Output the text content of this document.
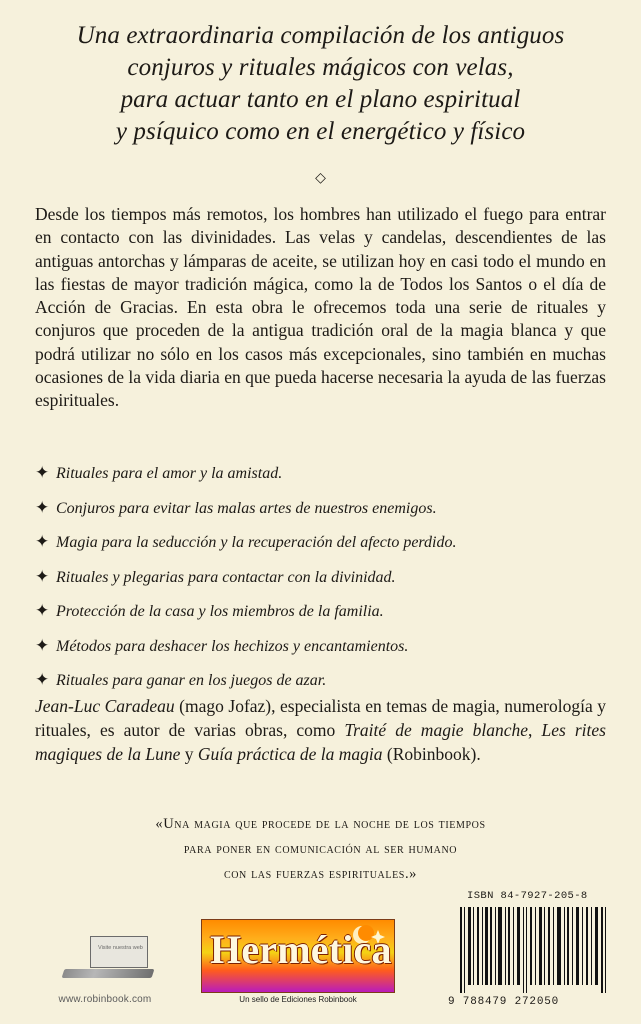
Una extraordinaria compilación de los antiguos
conjuros y rituales mágicos con velas,
para actuar tanto en el plano espiritual
y psíquico como en el energético y físico
◇
Desde los tiempos más remotos, los hombres han utilizado el fuego para entrar en contacto con las divinidades. Las velas y candelas, descendientes de las antiguas antorchas y lámparas de aceite, se utilizan hoy en casi todo el mundo en las fiestas de mayor tradición mágica, como la de Todos los Santos o el día de Acción de Gracias. En esta obra le ofrecemos toda una serie de rituales y conjuros que proceden de la antigua tradición oral de la magia blanca y que podrá utilizar no sólo en los casos más excepcionales, sino también en muchas ocasiones de la vida diaria en que pueda hacerse necesaria la ayuda de las fuerzas espirituales.
✦ Rituales para el amor y la amistad.
✦ Conjuros para evitar las malas artes de nuestros enemigos.
✦ Magia para la seducción y la recuperación del afecto perdido.
✦ Rituales y plegarias para contactar con la divinidad.
✦ Protección de la casa y los miembros de la familia.
✦ Métodos para deshacer los hechizos y encantamientos.
✦ Rituales para ganar en los juegos de azar.
Jean-Luc Caradeau (mago Jofaz), especialista en temas de magia, numerología y rituales, es autor de varias obras, como Traité de magie blanche, Les rites magiques de la Lune y Guía práctica de la magia (Robinbook).
«Una magia que procede de la noche de los tiempos
para poner en comunicación al ser humano
con las fuerzas espirituales.»
Visite nuestra web
www.robinbook.com
Hermética
Un sello de Ediciones Robinbook
ISBN 84-7927-205-8
9 788479 272050
